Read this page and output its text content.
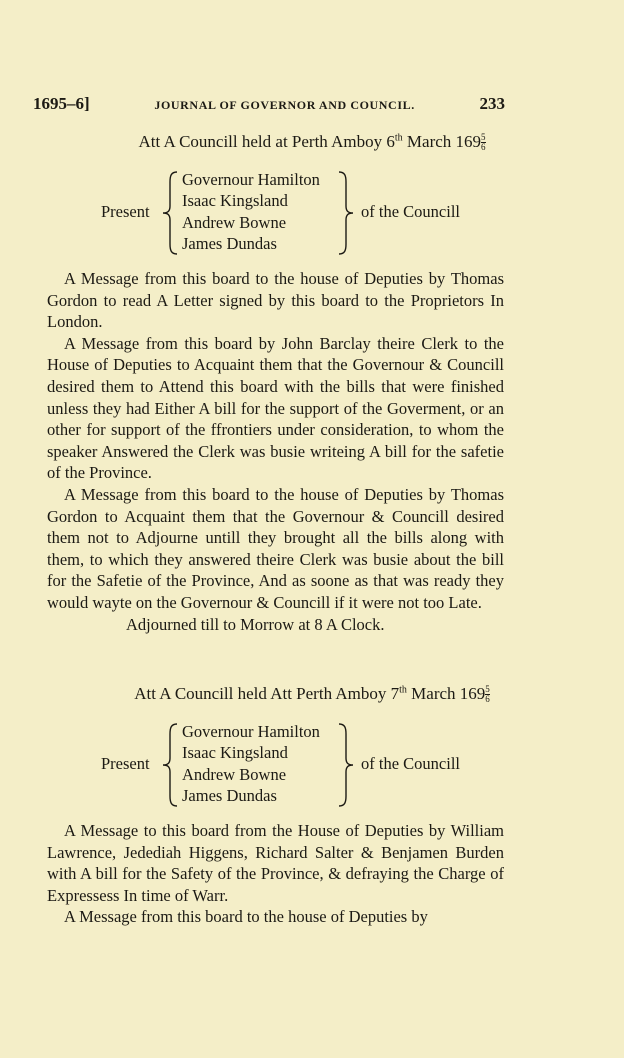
1695–6]	JOURNAL OF GOVERNOR AND COUNCIL.	233
Att A Councill held at Perth Amboy 6th March $169 \frac{5}{6}$
Present
Governour Hamilton
Isaac Kingsland
Andrew Bowne
James Dundas
of the Councill

A Message from this board to the house of Deputies by Thomas Gordon to read A Letter signed by this board to the Proprietors In London.

A Message from this board by John Barclay theire Clerk to the House of Deputies to Acquaint them that the Governour & Councill desired them to Attend this board with the bills that were finished unless they had Either A bill for the support of the Goverment, or an other for support of the ffrontiers under consideration, to whom the speaker Answered the Clerk was busie writeing A bill for the safetie of the Province.

A Message from this board to the house of Deputies by Thomas Gordon to Acquaint them that the Governour & Councill desired them not to Adjourne untill they brought all the bills along with them, to which they answered theire Clerk was busie about the bill for the Safetie of the Province, And as soone as that was ready they would wayte on the Governour & Councill if it were not too Late.

Adjourned till to Morrow at 8 A Clock.

Att A Councill held Att Perth Amboy 7th March $169 \frac{5}{6}$
Present
Governour Hamilton
Isaac Kingsland
Andrew Bowne
James Dundas
of the Councill

A Message to this board from the House of Deputies by William Lawrence, Jedediah Higgens, Richard Salter & Benjamen Burden with A bill for the Safety of the Province, & defraying the Charge of Expressess In time of Warr.

A Message from this board to the house of Deputies by
